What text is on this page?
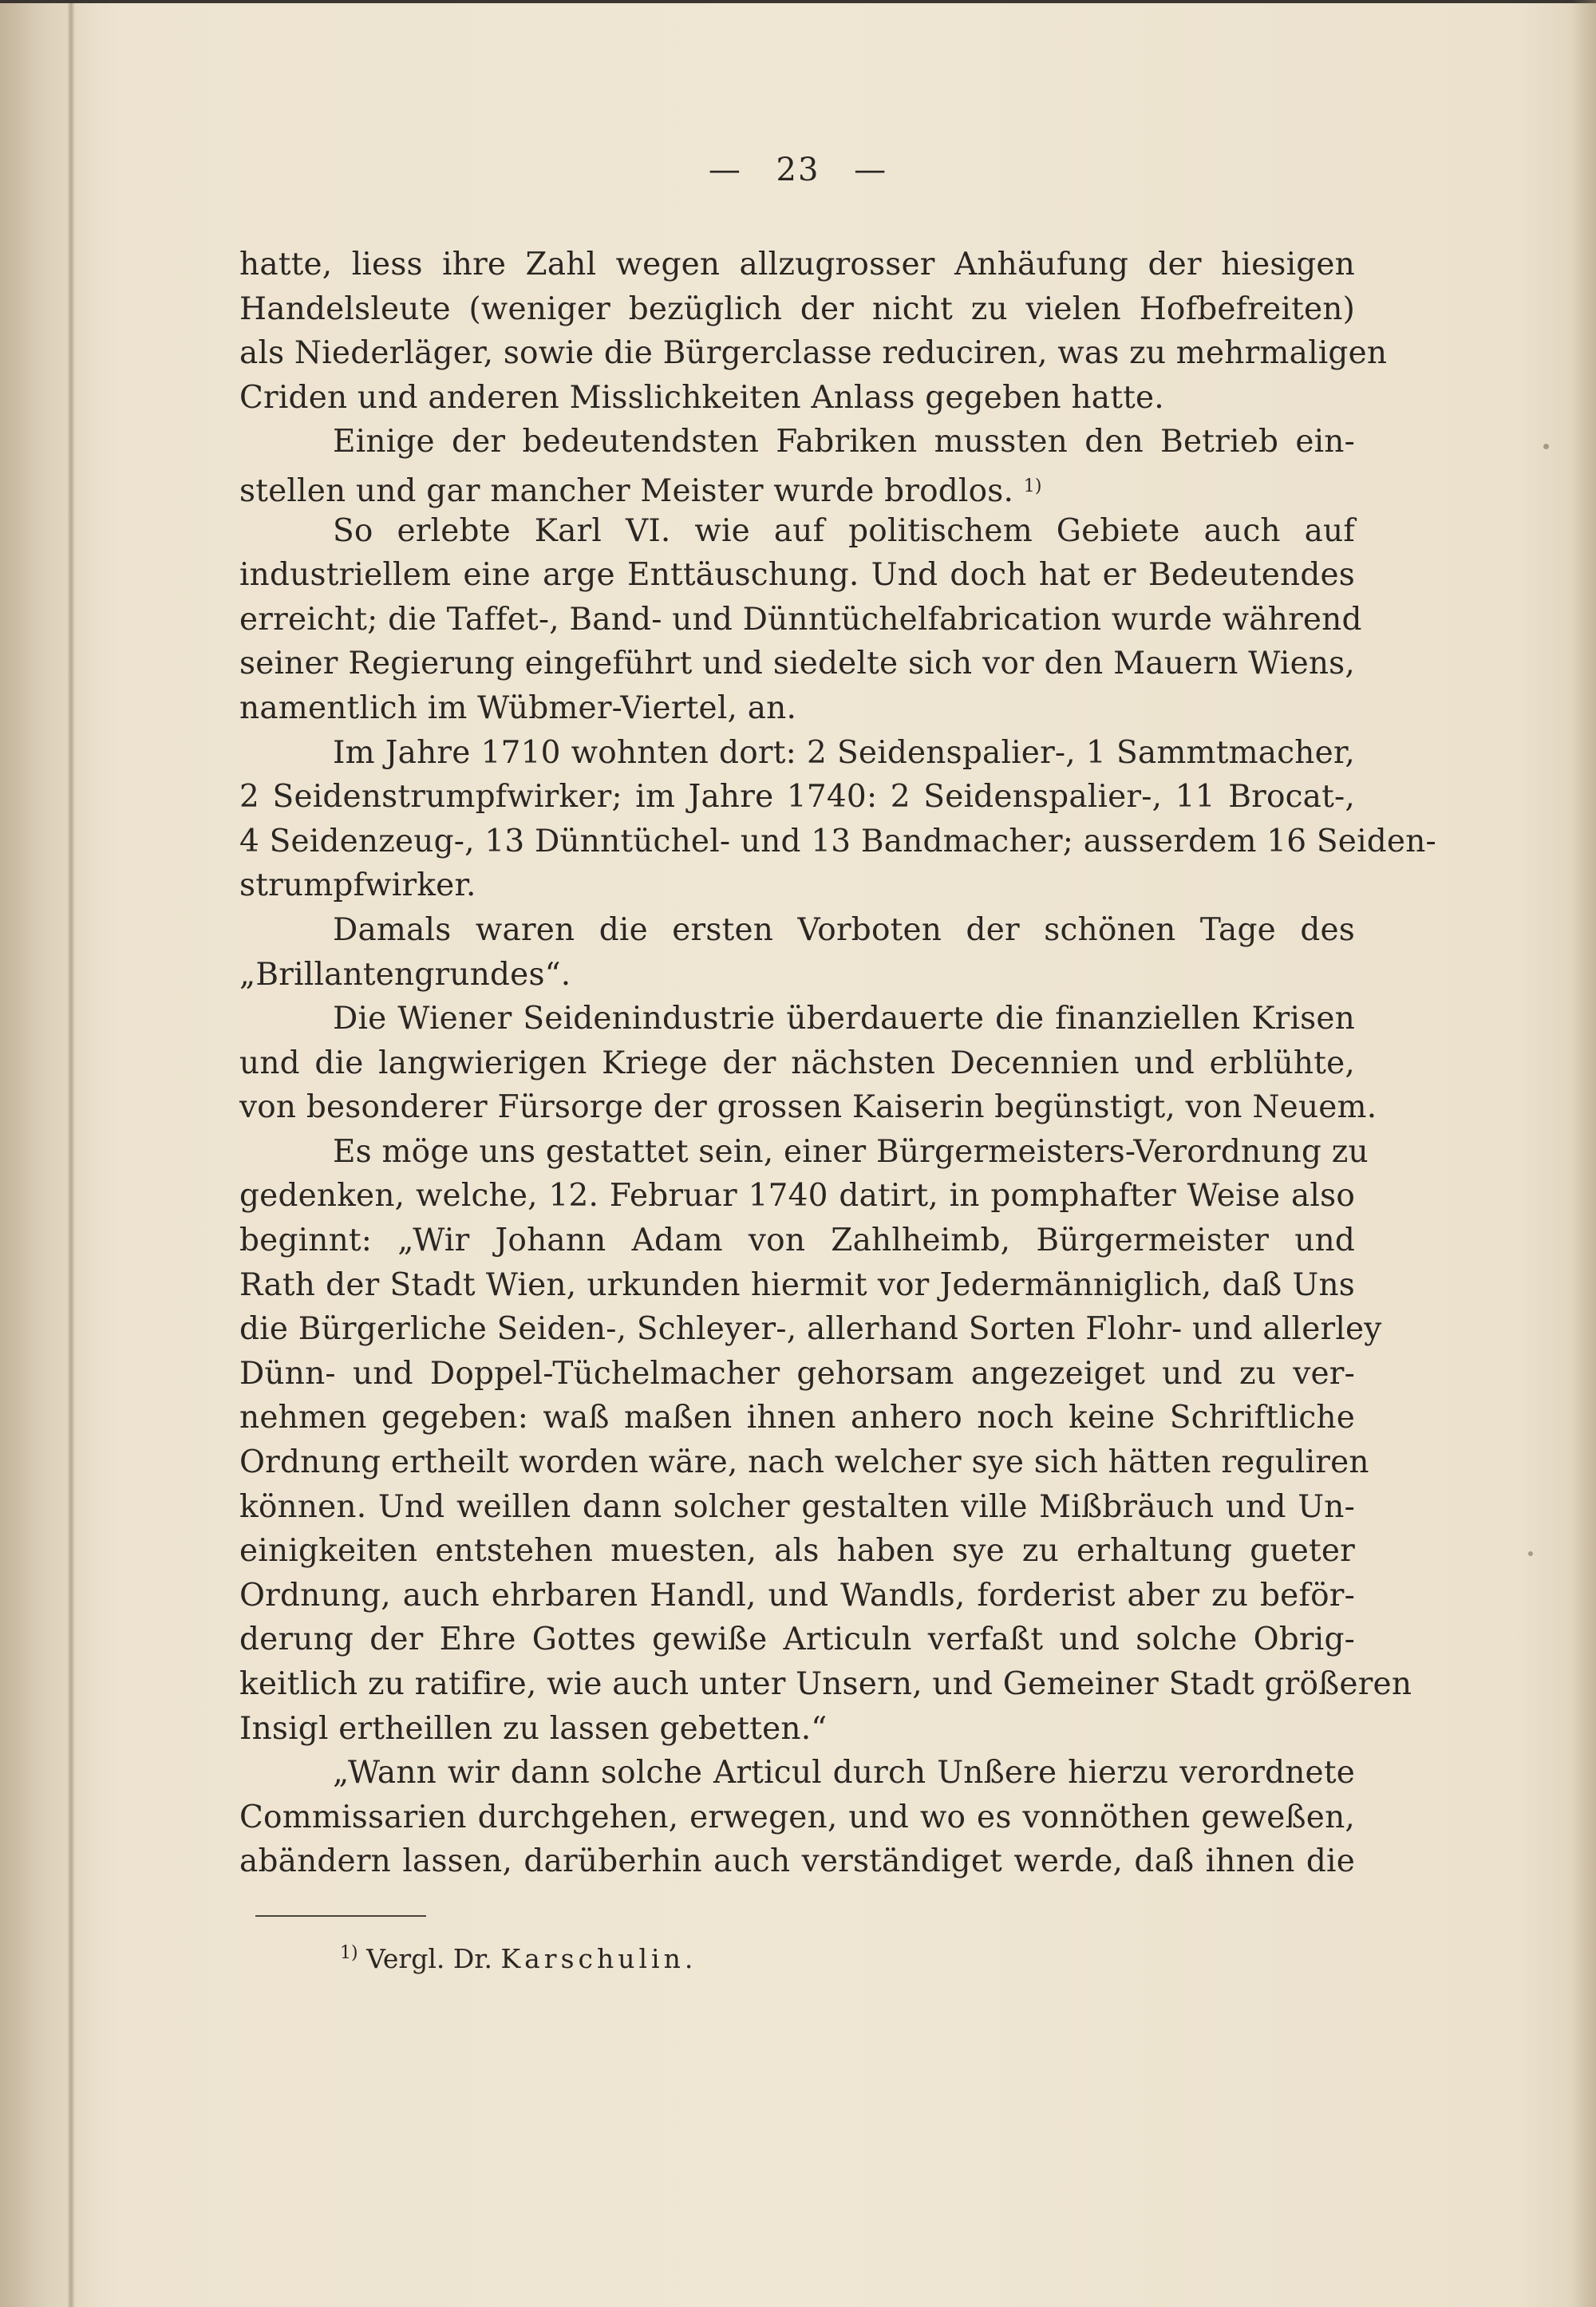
— 23 —
hatte, liess ihre Zahl wegen allzugrosser Anhäufung der hiesigen
Handelsleute (weniger bezüglich der nicht zu vielen Hofbefreiten)
als Niederläger, sowie die Bürgerclasse reduciren, was zu mehrmaligen
Criden und anderen Misslichkeiten Anlass gegeben hatte.
Einige der bedeutendsten Fabriken mussten den Betrieb ein-
stellen und gar mancher Meister wurde brodlos. $^{1)}$
So erlebte Karl VI. wie auf politischem Gebiete auch auf
industriellem eine arge Enttäuschung. Und doch hat er Bedeutendes
erreicht; die Taffet-, Band- und Dünntüchelfabrication wurde während
seiner Regierung eingeführt und siedelte sich vor den Mauern Wiens,
namentlich im Wübmer-Viertel, an.
Im Jahre 1710 wohnten dort: 2 Seidenspalier-, 1 Sammtmacher,
2 Seidenstrumpfwirker; im Jahre 1740: 2 Seidenspalier-, 11 Brocat-,
4 Seidenzeug-, 13 Dünntüchel- und 13 Bandmacher; ausserdem 16 Seiden-
strumpfwirker.
Damals waren die ersten Vorboten der schönen Tage des
„Brillantengrundes“.
Die Wiener Seidenindustrie überdauerte die finanziellen Krisen
und die langwierigen Kriege der nächsten Decennien und erblühte,
von besonderer Fürsorge der grossen Kaiserin begünstigt, von Neuem.
Es möge uns gestattet sein, einer Bürgermeisters-Verordnung zu
gedenken, welche, 12. Februar 1740 datirt, in pomphafter Weise also
beginnt: „Wir Johann Adam von Zahlheimb, Bürgermeister und
Rath der Stadt Wien, urkunden hiermit vor Jedermänniglich, daß Uns
die Bürgerliche Seiden-, Schleyer-, allerhand Sorten Flohr- und allerley
Dünn- und Doppel-Tüchelmacher gehorsam angezeiget und zu ver-
nehmen gegeben: waß maßen ihnen anhero noch keine Schriftliche
Ordnung ertheilt worden wäre, nach welcher sye sich hätten reguliren
können. Und weillen dann solcher gestalten ville Mißbräuch und Un-
einigkeiten entstehen muesten, als haben sye zu erhaltung gueter
Ordnung, auch ehrbaren Handl, und Wandls, forderist aber zu beför-
derung der Ehre Gottes gewiße Articuln verfaßt und solche Obrig-
keitlich zu ratifire, wie auch unter Unsern, und Gemeiner Stadt größeren
Insigl ertheillen zu lassen gebetten.“
„Wann wir dann solche Articul durch Unßere hierzu verordnete
Commissarien durchgehen, erwegen, und wo es vonnöthen geweßen,
abändern lassen, darüberhin auch verständiget werde, daß ihnen die
$^{1)}$ Vergl. Dr. Karschulin.
